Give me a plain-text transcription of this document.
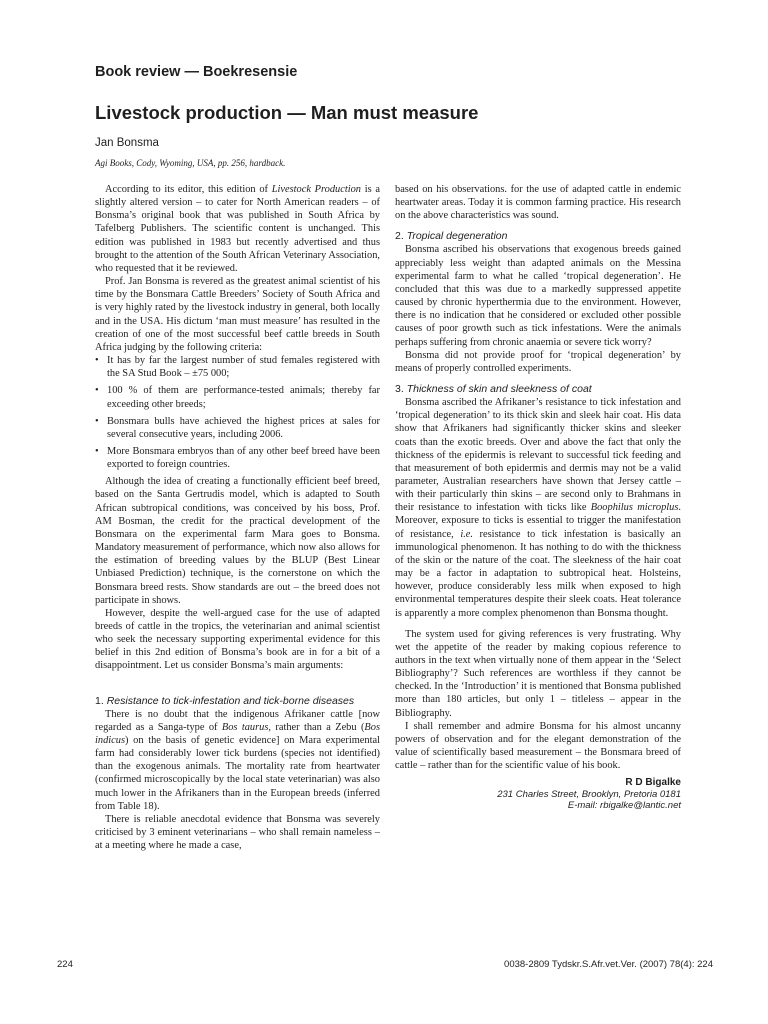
Book review — Boekresensie
Livestock production — Man must measure
Jan Bonsma
Agi Books, Cody, Wyoming, USA, pp. 256, hardback.

According to its editor, this edition of Livestock Production is a slightly altered version – to cater for North American readers – of Bonsma’s original book that was published in South Africa by Tafelberg Publishers. The scientific content is unchanged. This edition was published in 1983 but recently advertised and thus brought to the attention of the South African Veterinary Association, who requested that it be reviewed.

Prof. Jan Bonsma is revered as the greatest animal scientist of his time by the Bonsmara Cattle Breeders’ Society of South Africa and is very highly rated by the livestock industry in general, both locally and in the USA. His dictum ‘man must measure’ has resulted in the creation of one of the most successful beef cattle breeds in South Africa judging by the following criteria:

• It has by far the largest number of stud females registered with the SA Stud Book – ±75 000;
• 100 % of them are performance-tested animals; thereby far exceeding other breeds;
• Bonsmara bulls have achieved the highest prices at sales for several consecutive years, including 2006.
• More Bonsmara embryos than of any other beef breed have been exported to foreign countries.

Although the idea of creating a functionally efficient beef breed, based on the Santa Gertrudis model, which is adapted to South African subtropical conditions, was conceived by his boss, Prof. AM Bosman, the credit for the practical development of the Bonsmara on the experimental farm Mara goes to Bonsma. Mandatory measurement of performance, which now also allows for the estimation of breeding values by the BLUP (Best Linear Unbiased Prediction) technique, is the cornerstone on which the Bonsmara breed rests. Show standards are out – the breed does not participate in shows.

However, despite the well-argued case for the use of adapted breeds of cattle in the tropics, the veterinarian and animal scientist who seek the necessary supporting experimental evidence for this belief in this 2nd edition of Bonsma’s book are in for a bit of a disappointment. Let us consider Bonsma’s main arguments:

1. Resistance to tick-infestation and tick-borne diseases

There is no doubt that the indigenous Afrikaner cattle [now regarded as a Sanga-type of Bos taurus, rather than a Zebu (Bos indicus) on the basis of genetic evidence] on Mara experimental farm had considerably lower tick burdens (species not identified) than the exogenous animals. The mortality rate from heartwater (confirmed microscopically by the local state veterinarian) was also much lower in the Afrikaners than in the European breeds (inferred from Table 18).

There is reliable anecdotal evidence that Bonsma was severely criticised by 3 eminent veterinarians – who shall remain nameless – at a meeting where he made a case,

based on his observations. for the use of adapted cattle in endemic heartwater areas. Today it is common farming practice. His research on the above characteristics was sound.

2. Tropical degeneration

Bonsma ascribed his observations that exogenous breeds gained appreciably less weight than adapted animals on the Messina experimental farm to what he called ‘tropical degeneration’. He concluded that this was due to a markedly suppressed appetite caused by chronic hyperthermia due to the environment. However, there is no indication that he considered or excluded other possible causes of poor growth such as tick infestations. Were the animals perhaps suffering from chronic anaemia or severe tick worry?

Bonsma did not provide proof for ‘tropical degeneration’ by means of properly controlled experiments.

3. Thickness of skin and sleekness of coat

Bonsma ascribed the Afrikaner’s resistance to tick infestation and ‘tropical degeneration’ to its thick skin and sleek hair coat. His data show that Afrikaners had significantly thicker skins and sleeker coats than the exotic breeds. Over and above the fact that only the thickness of the epidermis is relevant to successful tick feeding and that measurement of both epidermis and dermis may not be a valid parameter, Australian researchers have shown that Jersey cattle – with their particularly thin skins – are second only to Brahmans in their resistance to infestation with ticks like Boophilus microplus. Moreover, exposure to ticks is essential to trigger the manifestation of resistance, i.e. resistance to tick infestation is basically an immunological phenomenon. It has nothing to do with the thickness of the skin or the nature of the coat. The sleekness of the hair coat may be a factor in adaptation to subtropical heat. Holsteins, however, produce considerably less milk when exposed to high environmental temperatures despite their sleek coats. Heat tolerance is apparently a more complex phenomenon than Bonsma thought.

The system used for giving references is very frustrating. Why wet the appetite of the reader by making copious reference to authors in the text when virtually none of them appear in the ‘Select Bibliography’? Such references are worthless if they cannot be checked. In the ‘Introduction’ it is mentioned that Bonsma published more than 180 articles, but only 1 – titleless – appear in the Bibliography.

I shall remember and admire Bonsma for his almost uncanny powers of observation and for the elegant demonstration of the value of scientifically based measurement – the Bonsmara breed of cattle – rather than for the scientific value of his book.

R D Bigalke
231 Charles Street, Brooklyn, Pretoria 0181
E-mail: rbigalke@lantic.net
224	0038-2809 Tydskr.S.Afr.vet.Ver. (2007) 78(4): 224
